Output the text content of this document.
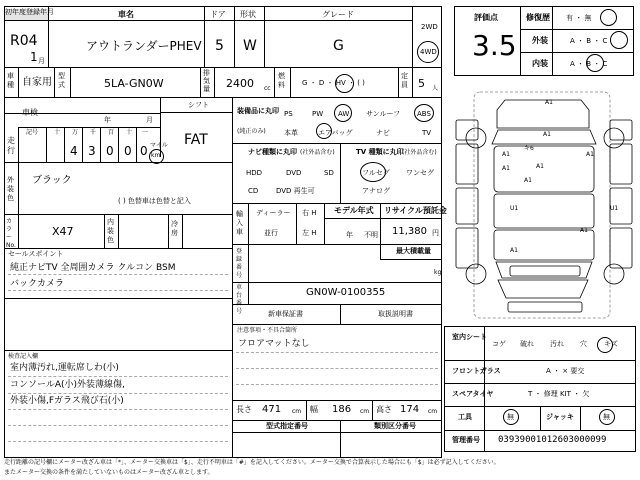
初年度登録年月
R04
1 月
車名
アウトランダーPHEV
ドア
5
形状
W
グレード
G
2WD
4WD
車種 自家用
型式	5LA-GN0W
排気量 2400 cc
燃料 G ・ D ・ HV ・ ( )
定員 5 人
車検
年	月
シフト
FAT
走行
記号	十 万 千 百 十 一
4 3 0 0 0 マイル
km
外装色
ブラック
( ) 色替車は色替と記入
カラーNo.
X47
内装色
冷房
セールスポイント
純正ナビTV 全周囲カメラ クルコン BSM
バックカメラ
検査記入欄
室内薄汚れ,運転席しわ(小)
コンソールA(小)外装薄線傷,
外装小傷,Fガラス飛び石(小)
装備品に丸印
(純正のみ)
PS	PW AW サンルーフ ABS
本革	エアバッグ	ナビ	TV
ナビ種類に丸印 (社外品含む)	TV 種類に丸印
(社外品含む)
HDD	DVD	SD
CD	DVD 再生可
フルセグ ワンセグ
アナログ
輸入車
ディーラー
並行
右 H
左 H
モデル年式
年 不明
リサイクル預託金
11,380 円
登録番号
最大積載量
kg
車台番号
GN0W-0100355
新車保証書	取扱説明書
注意事項・不具合箇所
フロアマットなし
長さ 471 cm 幅 186 cm 高さ 174 cm
型式指定番号	類別区分番号
評価点
3.5
修復歴 有 ・ 無
外装	A ・ B ・ C
内装	A ・ B ・ C
A1
A1
A1
キ6
A1
A1	A1
A1
U1	U1
A1
A1
室内シート
コゲ 破れ 汚れ 穴 キズ
フロントガラス	A ・ × 要交
スペアタイヤ	T ・ 修理 KIT ・ ⽋
工具	無	ジャッキ	無
管理番号 03939001012603000099
走行距離の記号欄にメーター改ざん車は「*」、メーター交換車は「$」、走行不明車は「#」を記入してください。メーター交換で合算表示した場合にも「$」は必ず記入してください。
またメーター交換の条件を満たしていないものはメーター改ざん車とします。
